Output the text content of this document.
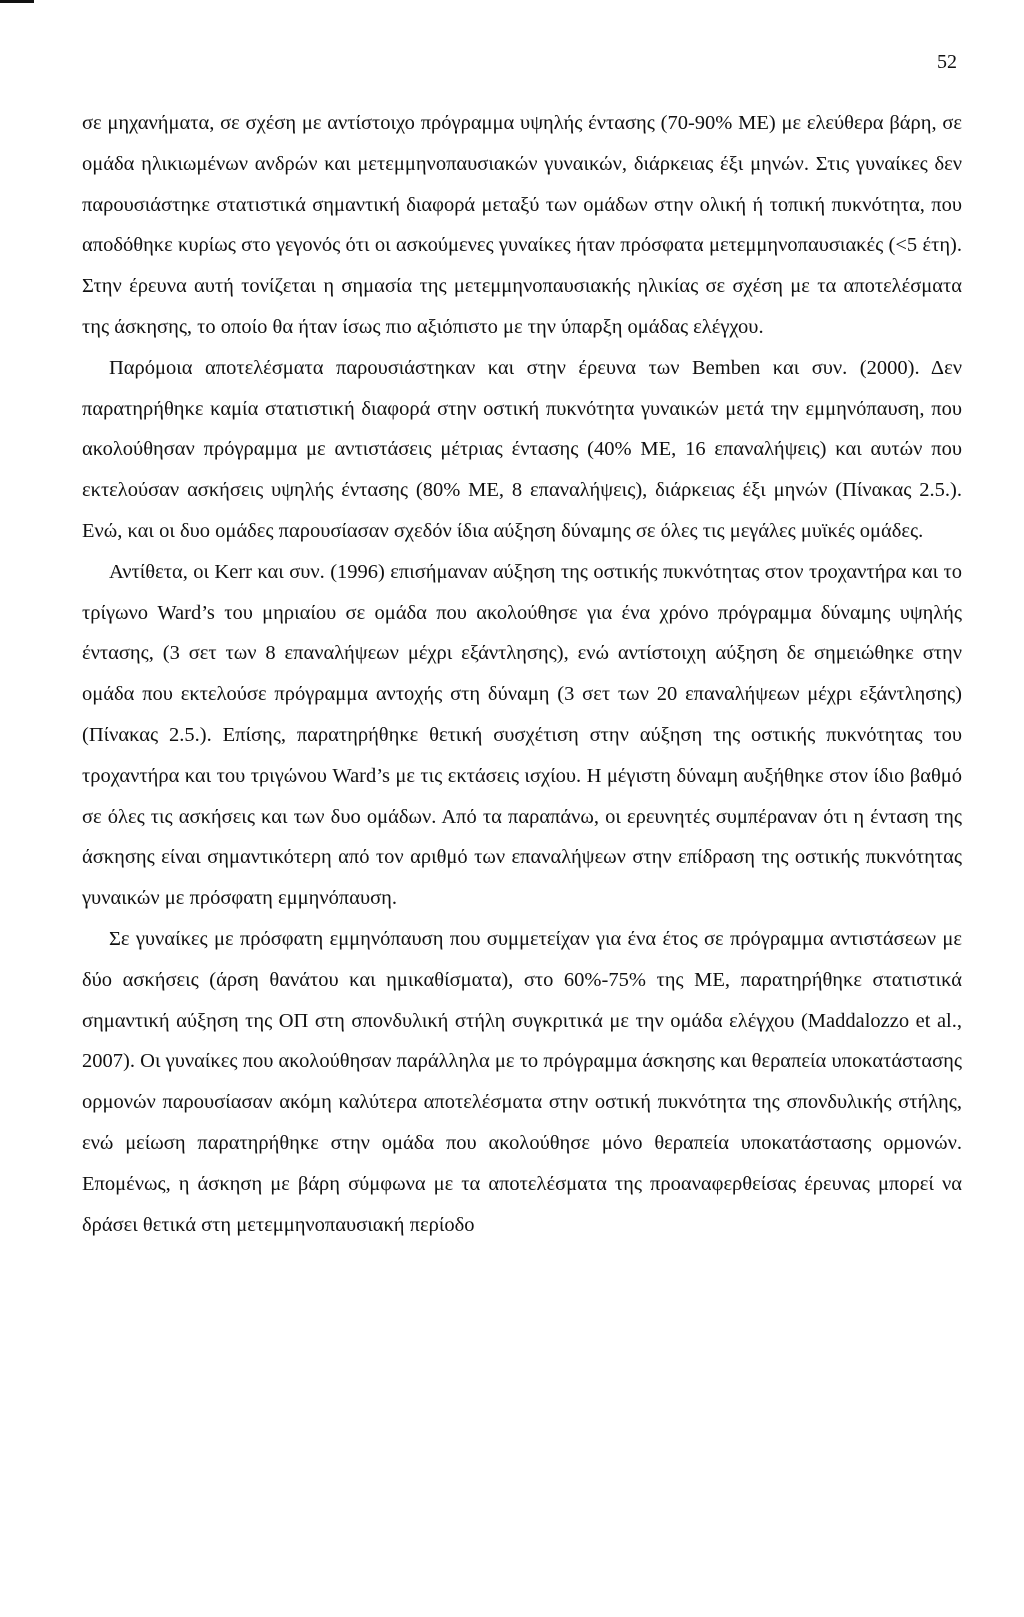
52

σε μηχανήματα, σε σχέση με αντίστοιχο πρόγραμμα υψηλής έντασης (70-90% ΜΕ) με ελεύθερα βάρη, σε ομάδα ηλικιωμένων ανδρών και μετεμμηνοπαυσιακών γυναικών, διάρκειας έξι μηνών. Στις γυναίκες δεν παρουσιάστηκε στατιστικά σημαντική διαφορά μεταξύ των ομάδων στην ολική ή τοπική πυκνότητα, που αποδόθηκε κυρίως στο γεγονός ότι οι ασκούμενες γυναίκες ήταν πρόσφατα μετεμμηνοπαυσιακές (<5 έτη). Στην έρευνα αυτή τονίζεται η σημασία της μετεμμηνοπαυσιακής ηλικίας σε σχέση με τα αποτελέσματα της άσκησης, το οποίο θα ήταν ίσως πιο αξιόπιστο με την ύπαρξη ομάδας ελέγχου.

Παρόμοια αποτελέσματα παρουσιάστηκαν και στην έρευνα των Bemben και συν. (2000). Δεν παρατηρήθηκε καμία στατιστική διαφορά στην οστική πυκνότητα γυναικών μετά την εμμηνόπαυση, που ακολούθησαν πρόγραμμα με αντιστάσεις μέτριας έντασης (40% ΜΕ, 16 επαναλήψεις) και αυτών που εκτελούσαν ασκήσεις υψηλής έντασης (80% ΜΕ, 8 επαναλήψεις), διάρκειας έξι μηνών (Πίνακας 2.5.). Ενώ, και οι δυο ομάδες παρουσίασαν σχεδόν ίδια αύξηση δύναμης σε όλες τις μεγάλες μυϊκές ομάδες.

Αντίθετα, οι Kerr και συν. (1996) επισήμαναν αύξηση της οστικής πυκνότητας στον τροχαντήρα και το τρίγωνο Ward’s του μηριαίου σε ομάδα που ακολούθησε για ένα χρόνο πρόγραμμα δύναμης υψηλής έντασης, (3 σετ των 8 επαναλήψεων μέχρι εξάντλησης), ενώ αντίστοιχη αύξηση δε σημειώθηκε στην ομάδα που εκτελούσε πρόγραμμα αντοχής στη δύναμη (3 σετ των 20 επαναλήψεων μέχρι εξάντλησης) (Πίνακας 2.5.). Επίσης, παρατηρήθηκε θετική συσχέτιση στην αύξηση της οστικής πυκνότητας του τροχαντήρα και του τριγώνου Ward’s με τις εκτάσεις ισχίου. Η μέγιστη δύναμη αυξήθηκε στον ίδιο βαθμό σε όλες τις ασκήσεις και των δυο ομάδων. Από τα παραπάνω, οι ερευνητές συμπέραναν ότι η ένταση της άσκησης είναι σημαντικότερη από τον αριθμό των επαναλήψεων στην επίδραση της οστικής πυκνότητας γυναικών με πρόσφατη εμμηνόπαυση.

Σε γυναίκες με πρόσφατη εμμηνόπαυση που συμμετείχαν για ένα έτος σε πρόγραμμα αντιστάσεων με δύο ασκήσεις (άρση θανάτου και ημικαθίσματα), στο 60%-75% της ΜΕ, παρατηρήθηκε στατιστικά σημαντική αύξηση της ΟΠ στη σπονδυλική στήλη συγκριτικά με την ομάδα ελέγχου (Maddalozzo et al., 2007). Οι γυναίκες που ακολούθησαν παράλληλα με το πρόγραμμα άσκησης και θεραπεία υποκατάστασης ορμονών παρουσίασαν ακόμη καλύτερα αποτελέσματα στην οστική πυκνότητα της σπονδυλικής στήλης, ενώ μείωση παρατηρήθηκε στην ομάδα που ακολούθησε μόνο θεραπεία υποκατάστασης ορμονών. Επομένως, η άσκηση με βάρη σύμφωνα με τα αποτελέσματα της προαναφερθείσας έρευνας μπορεί να δράσει θετικά στη μετεμμηνοπαυσιακή περίοδο
